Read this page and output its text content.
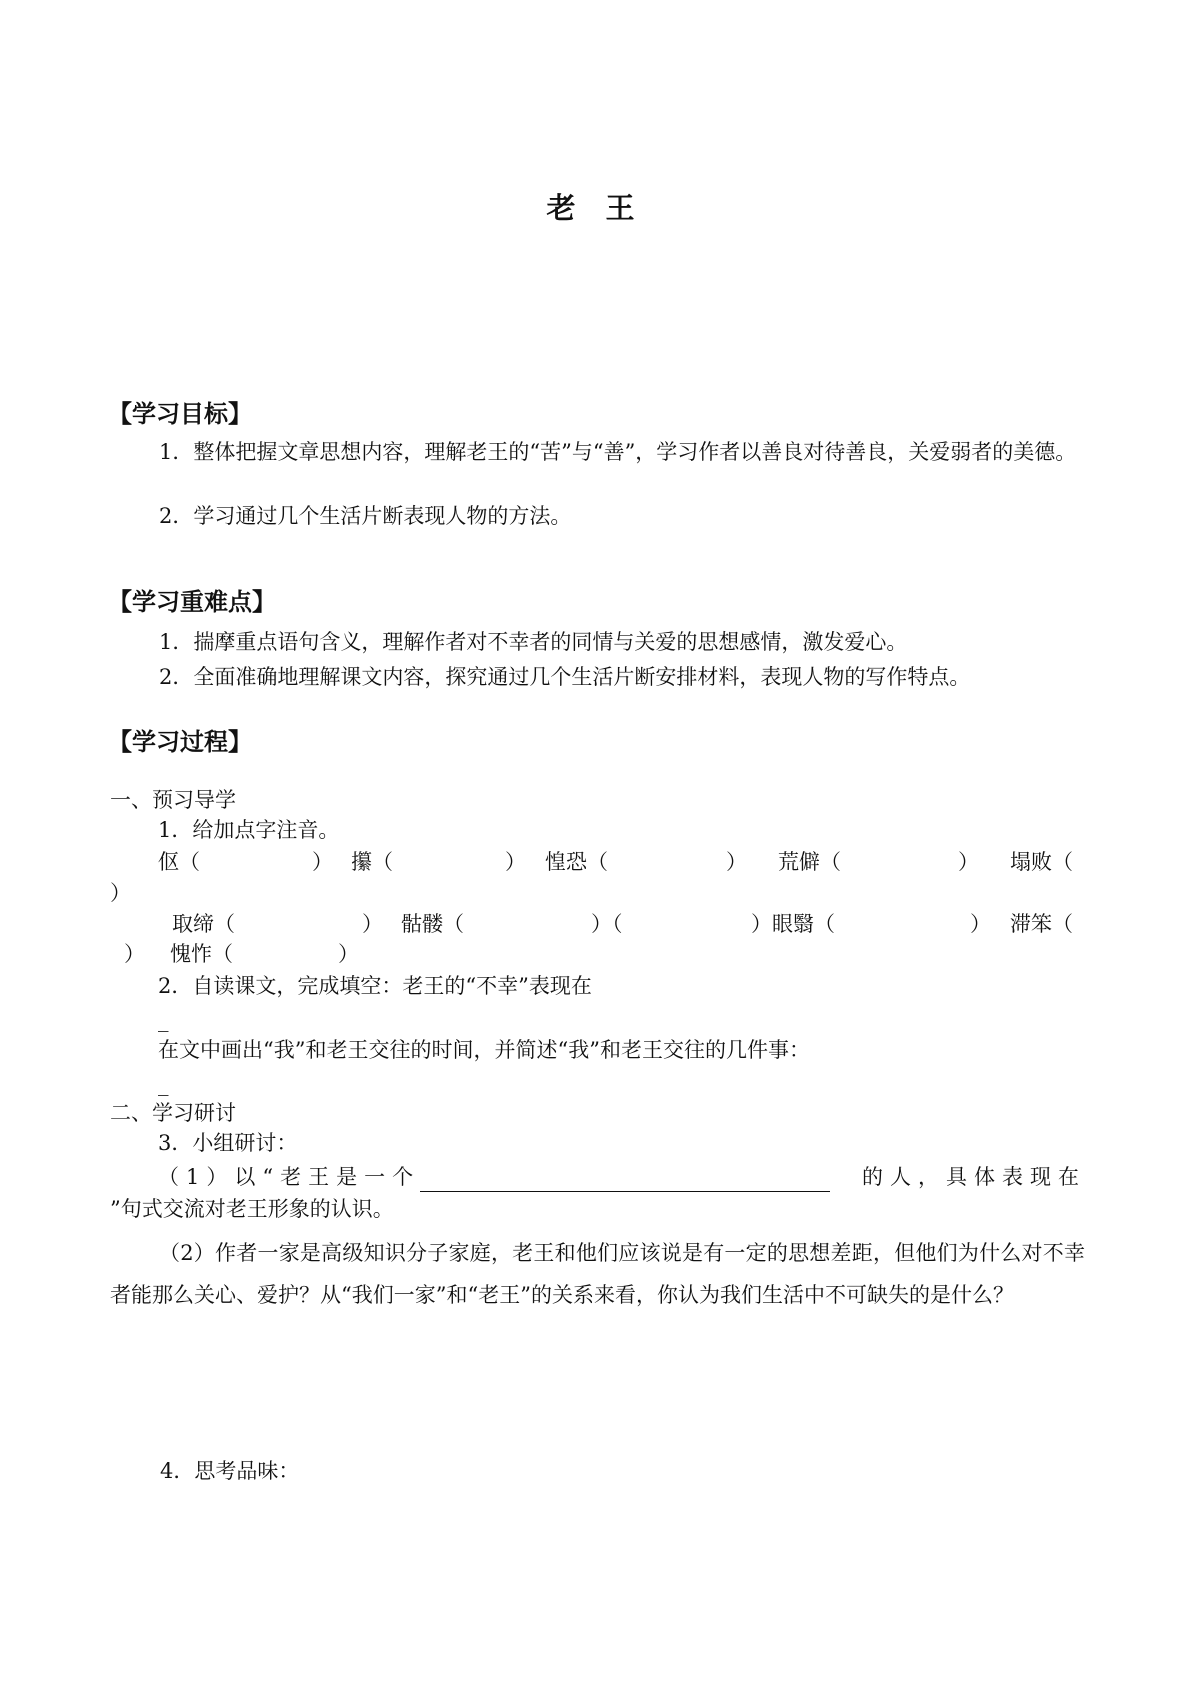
老 王
【学习目标】
1．整体把握文章思想内容，理解老王的“苦”与“善”，学习作者以善良对待善良，关爱弱者的美德。
2．学习通过几个生活片断表现人物的方法。
【学习重难点】
1．揣摩重点语句含义，理解作者对不幸者的同情与关爱的思想感情，激发爱心。
2．全面准确地理解课文内容，探究通过几个生活片断安排材料，表现人物的写作特点。
【学习过程】
一、预习导学
1．给加点字注音。
伛（	） 攥（	） 惶恐（	） 荒僻（	） 塌败（
）
取缔（	） 骷髅（	）（	）眼翳（	） 滞笨（
） 愧怍（	）
2．自读课文，完成填空：老王的“不幸”表现在
_
在文中画出“我”和老王交往的时间，并简述“我”和老王交往的几件事：
_
二、学习研讨
3．小组研讨：
（1）以“老王是一个	的人，具体表现在
”句式交流对老王形象的认识。
（2）作者一家是高级知识分子家庭，老王和他们应该说是有一定的思想差距，但他们为什么对不幸者能那么关心、爱护？从“我们一家”和“老王”的关系来看，你认为我们生活中不可缺失的是什么？
4．思考品味：
